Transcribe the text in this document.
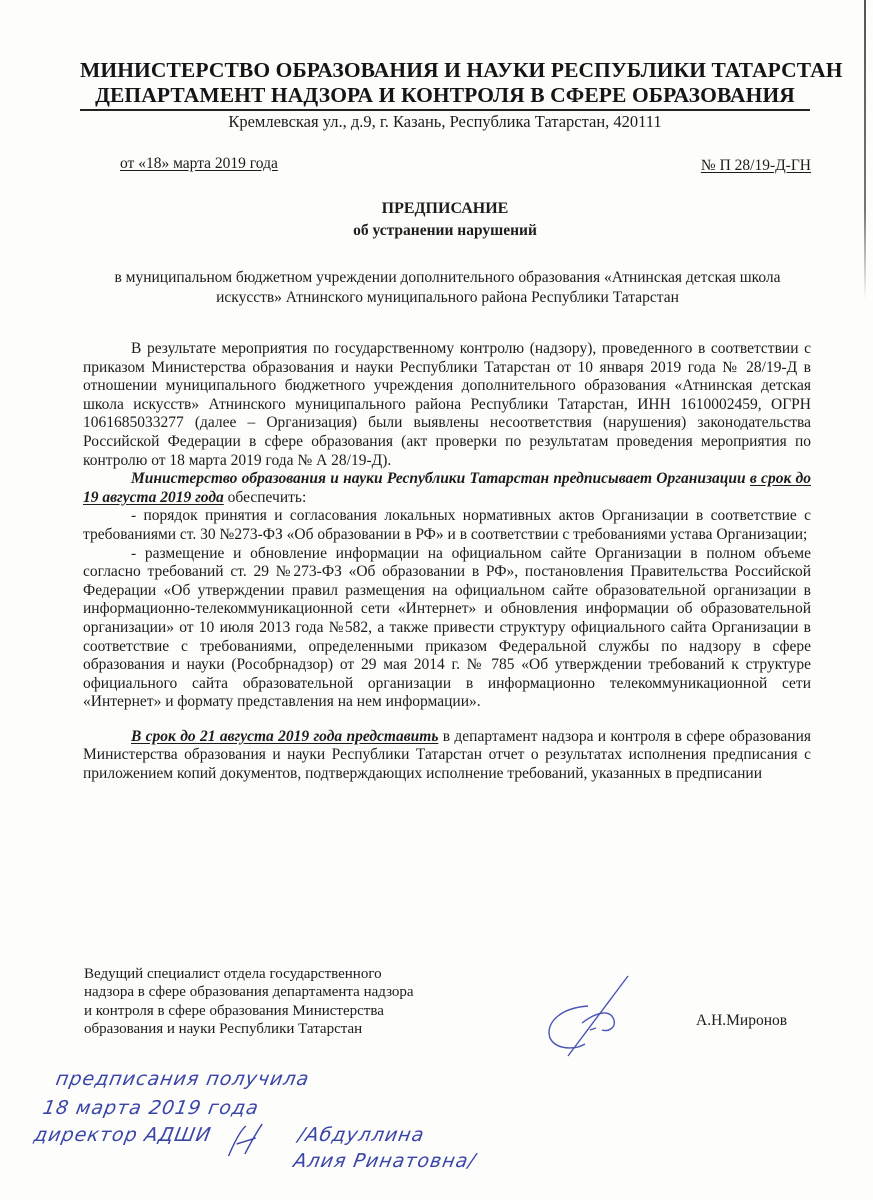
МИНИСТЕРСТВО ОБРАЗОВАНИЯ И НАУКИ РЕСПУБЛИКИ ТАТАРСТАН
ДЕПАРТАМЕНТ НАДЗОРА И КОНТРОЛЯ В СФЕРЕ ОБРАЗОВАНИЯ
Кремлевская ул., д.9, г. Казань, Республика Татарстан, 420111
от «18» марта 2019 года	№ П 28/19-Д-ГН
ПРЕДПИСАНИЕ
об устранении нарушений
в муниципальном бюджетном учреждении дополнительного образования «Атнинская детская школа искусств» Атнинского муниципального района Республики Татарстан

В результате мероприятия по государственному контролю (надзору), проведенного в соответствии с приказом Министерства образования и науки Республики Татарстан от 10 января 2019 года № 28/19-Д в отношении муниципального бюджетного учреждения дополнительного образования «Атнинская детская школа искусств» Атнинского муниципального района Республики Татарстан, ИНН 1610002459, ОГРН 1061685033277 (далее – Организация) были выявлены несоответствия (нарушения) законодательства Российской Федерации в сфере образования (акт проверки по результатам проведения мероприятия по контролю от 18 марта 2019 года № А 28/19-Д).

Министерство образования и науки Республики Татарстан предписывает Организации в срок до 19 августа 2019 года обеспечить:

- порядок принятия и согласования локальных нормативных актов Организации в соответствие с требованиями ст. 30 №273-ФЗ «Об образовании в РФ» и в соответствии с требованиями устава Организации;

- размещение и обновление информации на официальном сайте Организации в полном объеме согласно требований ст. 29 №273-ФЗ «Об образовании в РФ», постановления Правительства Российской Федерации «Об утверждении правил размещения на официальном сайте образовательной организации в информационно-телекоммуникационной сети «Интернет» и обновления информации об образовательной организации» от 10 июля 2013 года №582, а также привести структуру официального сайта Организации в соответствие с требованиями, определенными приказом Федеральной службы по надзору в сфере образования и науки (Рособрнадзор) от 29 мая 2014 г. № 785 «Об утверждении требований к структуре официального сайта образовательной организации в информационно телекоммуникационной сети «Интернет» и формату представления на нем информации».

В срок до 21 августа 2019 года представить в департамент надзора и контроля в сфере образования Министерства образования и науки Республики Татарстан отчет о результатах исполнения предписания с приложением копий документов, подтверждающих исполнение требований, указанных в предписании

Ведущий специалист отдела государственного
надзора в сфере образования департамента надзора
и контроля в сфере образования Министерства
образования и науки Республики Татарстан
А.Н.Миронов
предписания получила
18 марта 2019 года
директор АДШИ	/Абдуллина
Алия Ринатовна/
